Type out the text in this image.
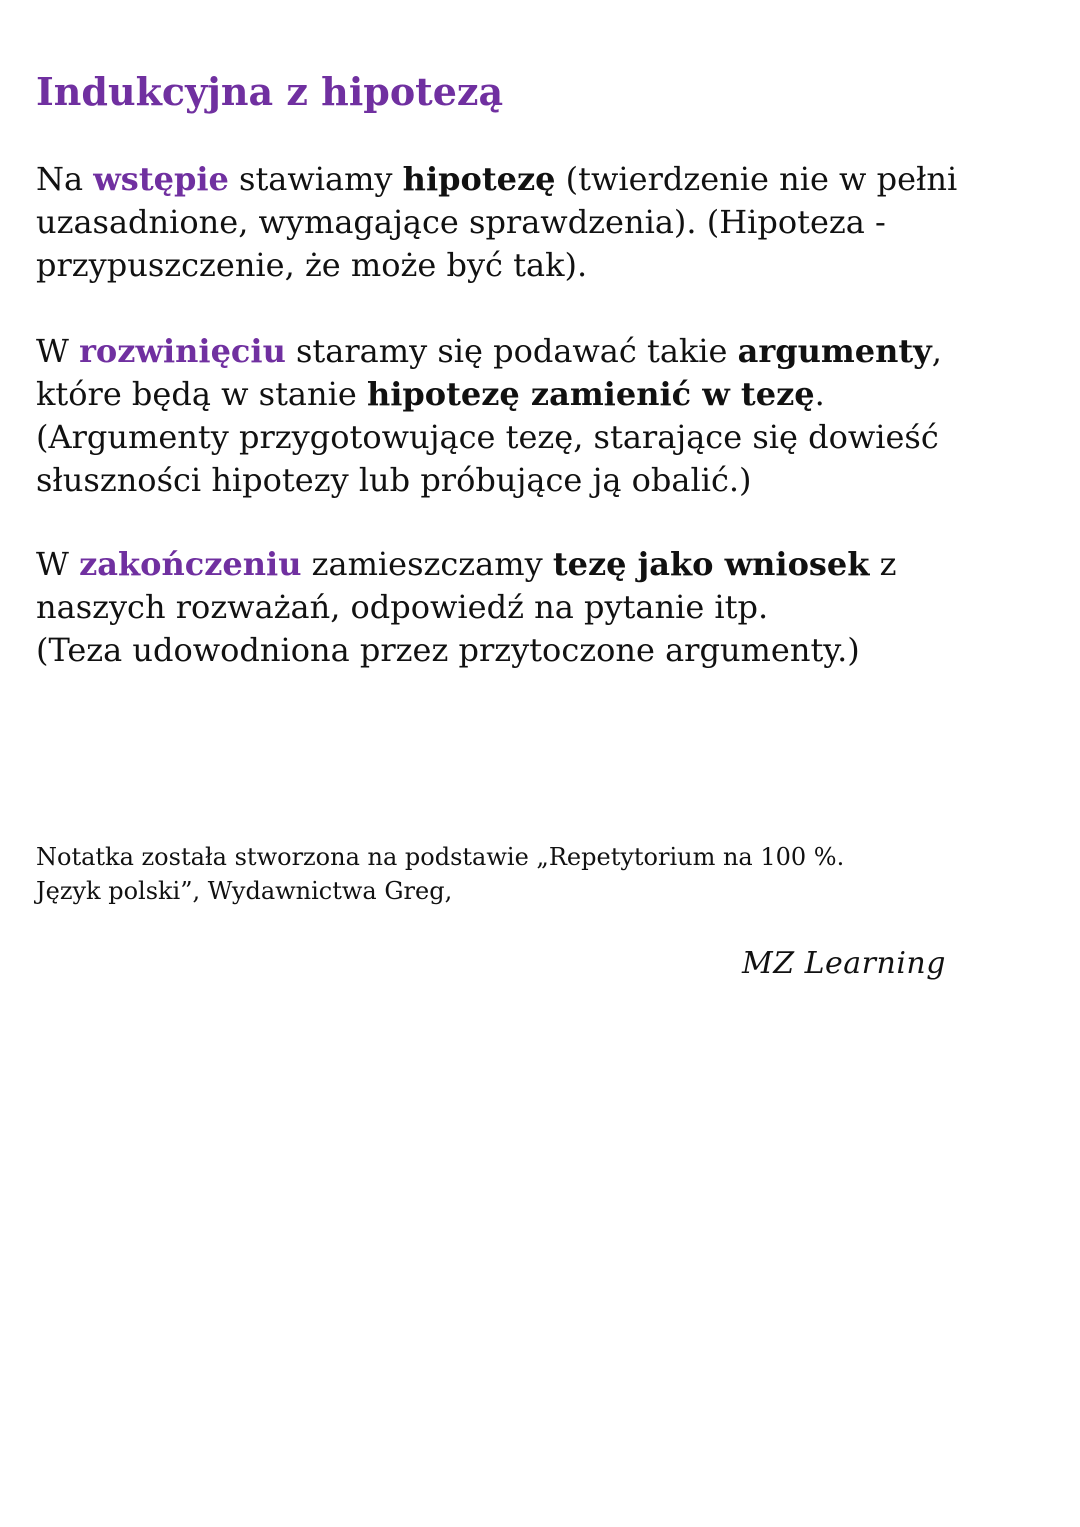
Indukcyjna z hipotezą

Na wstępie stawiamy hipotezę (twierdzenie nie w pełni
uzasadnione, wymagające sprawdzenia). (Hipoteza -
przypuszczenie, że może być tak).

W rozwinięciu staramy się podawać takie argumenty,
które będą w stanie hipotezę zamienić w tezę.
(Argumenty przygotowujące tezę, starające się dowieść
słuszności hipotezy lub próbujące ją obalić.)

W zakończeniu zamieszczamy tezę jako wniosek z
naszych rozważań, odpowiedź na pytanie itp.
(Teza udowodniona przez przytoczone argumenty.)

Notatka została stworzona na podstawie „Repetytorium na 100 %.
Język polski”, Wydawnictwa Greg,

MZ Learning
